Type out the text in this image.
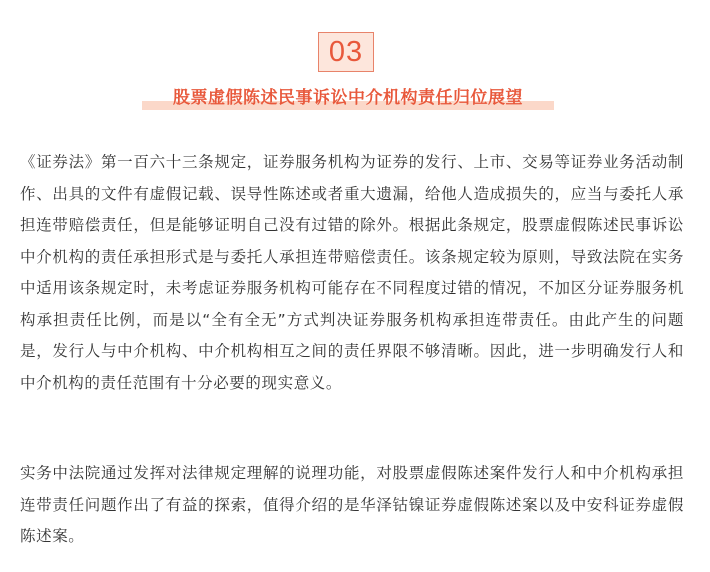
03
股票虚假陈述民事诉讼中介机构责任归位展望

《证券法》第一百六十三条规定，证券服务机构为证券的发行、上市、交易等证券业务活动制作、出具的文件有虚假记载、误导性陈述或者重大遗漏，给他人造成损失的，应当与委托人承担连带赔偿责任，但是能够证明自己没有过错的除外。根据此条规定，股票虚假陈述民事诉讼中介机构的责任承担形式是与委托人承担连带赔偿责任。该条规定较为原则，导致法院在实务中适用该条规定时，未考虑证券服务机构可能存在不同程度过错的情况，不加区分证券服务机构承担责任比例，而是以“全有全无”方式判决证券服务机构承担连带责任。由此产生的问题是，发行人与中介机构、中介机构相互之间的责任界限不够清晰。因此，进一步明确发行人和中介机构的责任范围有十分必要的现实意义。

实务中法院通过发挥对法律规定理解的说理功能，对股票虚假陈述案件发行人和中介机构承担连带责任问题作出了有益的探索，值得介绍的是华泽钴镍证券虚假陈述案以及中安科证券虚假陈述案。
